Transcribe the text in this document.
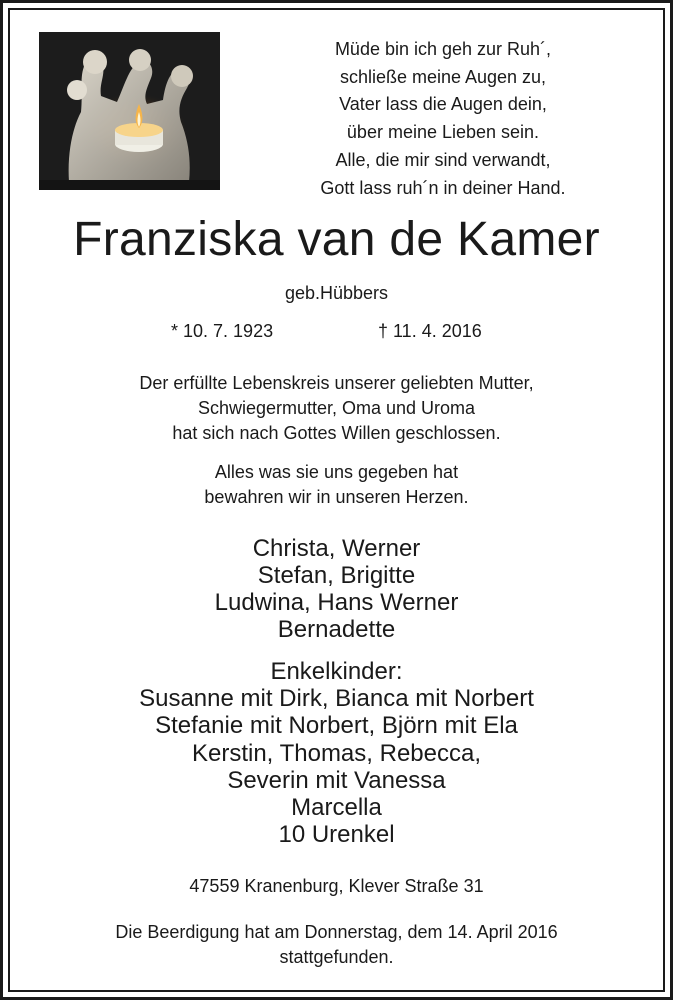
Müde bin ich geh zur Ruh´,
schließe meine Augen zu,
Vater lass die Augen dein,
über meine Lieben sein.
Alle, die mir sind verwandt,
Gott lass ruh´n in deiner Hand.
Franziska van de Kamer
geb.Hübbers
* 10. 7. 1923	† 11. 4. 2016
Der erfüllte Lebenskreis unserer geliebten Mutter,
Schwiegermutter, Oma und Uroma
hat sich nach Gottes Willen geschlossen.
Alles was sie uns gegeben hat
bewahren wir in unseren Herzen.
Christa, Werner
Stefan, Brigitte
Ludwina, Hans Werner
Bernadette
Enkelkinder:
Susanne mit Dirk, Bianca mit Norbert
Stefanie mit Norbert, Björn mit Ela
Kerstin, Thomas, Rebecca,
Severin mit Vanessa
Marcella
10 Urenkel
47559 Kranenburg, Klever Straße 31
Die Beerdigung hat am Donnerstag, dem 14. April 2016
stattgefunden.
